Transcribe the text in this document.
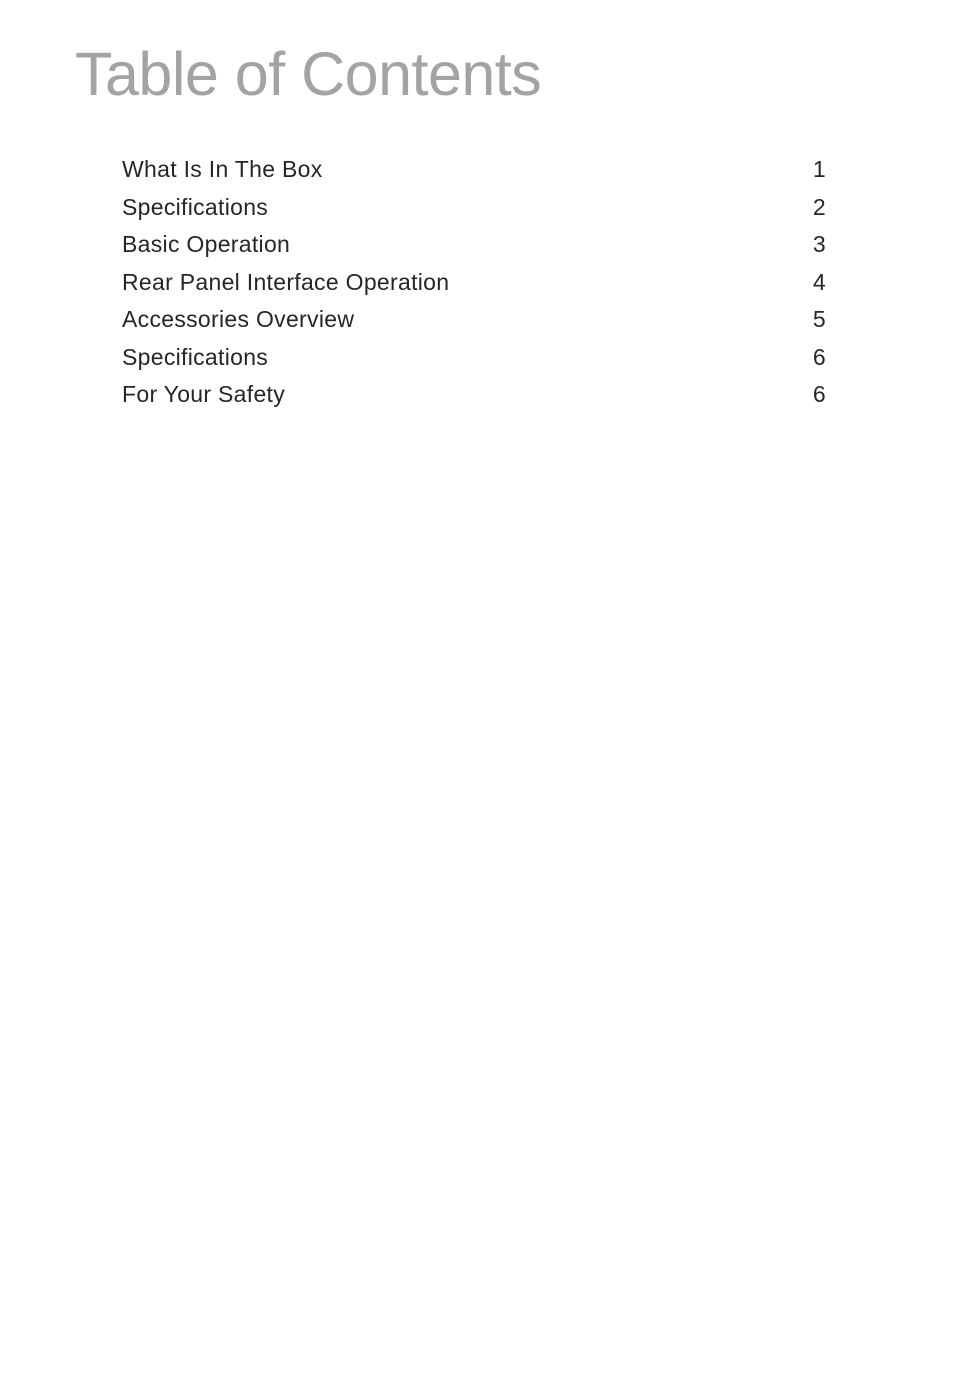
Table of Contents
What Is In The Box	1
Specifications	2
Basic Operation	3
Rear Panel Interface Operation	4
Accessories Overview	5
Specifications	6
For Your Safety	6
